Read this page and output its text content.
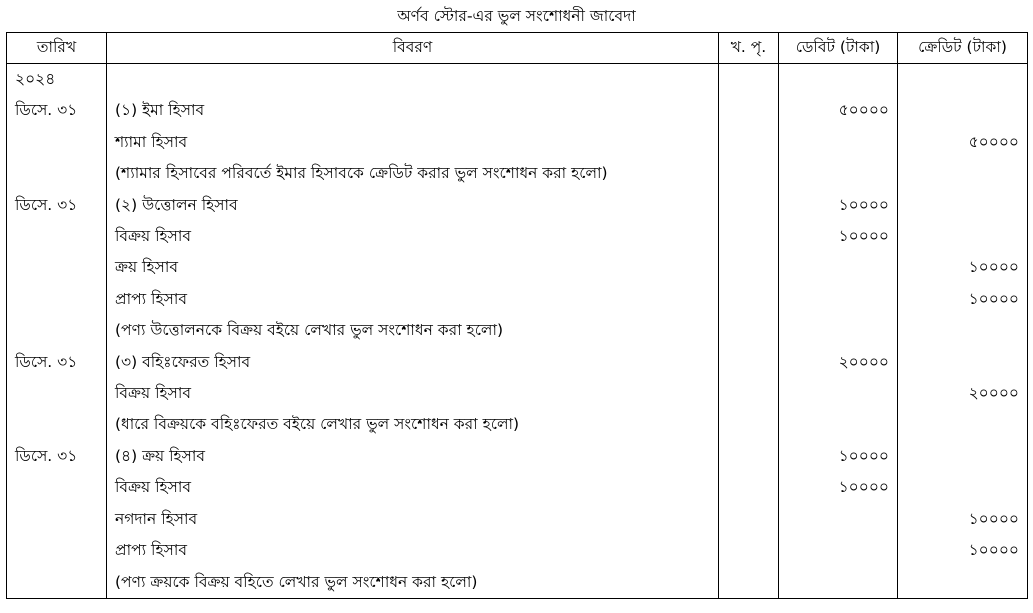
অর্ণব স্টোর-এর ভুল সংশোধনী জাবেদা
তারিখ	বিবরণ	খ. পৃ.	ডেবিট (টাকা)	ক্রেডিট (টাকা)
২০২৪				
ডিসে. ৩১	(১) ইমা হিসাব		৫০০০০	
	শ্যামা হিসাব			৫০০০০
	(শ্যামার হিসাবের পরিবর্তে ইমার হিসাবকে ক্রেডিট করার ভুল সংশোধন করা হলো)			
ডিসে. ৩১	(২) উত্তোলন হিসাব		১০০০০	
	বিক্রয় হিসাব		১০০০০	
	ক্রয় হিসাব			১০০০০
	প্রাপ্য হিসাব			১০০০০
	(পণ্য উত্তোলনকে বিক্রয় বইয়ে লেখার ভুল সংশোধন করা হলো)			
ডিসে. ৩১	(৩) বহিঃফেরত হিসাব		২০০০০	
	বিক্রয় হিসাব			২০০০০
	(ধারে বিক্রয়কে বহিঃফেরত বইয়ে লেখার ভুল সংশোধন করা হলো)			
ডিসে. ৩১	(৪) ক্রয় হিসাব		১০০০০	
	বিক্রয় হিসাব		১০০০০	
	নগদান হিসাব			১০০০০
	প্রাপ্য হিসাব			১০০০০
	(পণ্য ক্রয়কে বিক্রয় বহিতে লেখার ভুল সংশোধন করা হলো)			
